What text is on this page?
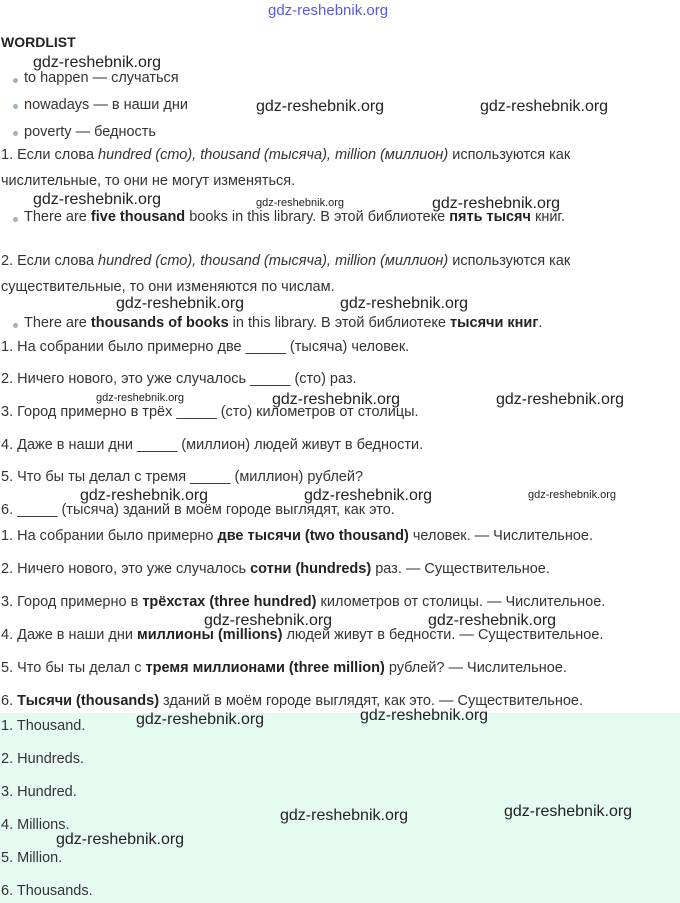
gdz-reshebnik.org
WORDLIST
to happen — случаться
nowadays — в наши дни
poverty — бедность
1. Если слова hundred (сто), thousand (тысяча), million (миллион) используются как
числительные, то они не могут изменяться.
There are five thousand books in this library. В этой библиотеке пять тысяч книг.
2. Если слова hundred (сто), thousand (тысяча), million (миллион) используются как
существительные, то они изменяются по числам.
There are thousands of books in this library. В этой библиотеке тысячи книг.
1. На собрании было примерно две _____ (тысяча) человек.
2. Ничего нового, это уже случалось _____ (сто) раз.
3. Город примерно в трёх _____ (сто) километров от столицы.
4. Даже в наши дни _____ (миллион) людей живут в бедности.
5. Что бы ты делал с тремя _____ (миллион) рублей?
6. _____ (тысяча) зданий в моём городе выглядят, как это.
1. На собрании было примерно две тысячи (two thousand) человек. — Числительное.
2. Ничего нового, это уже случалось сотни (hundreds) раз. — Существительное.
3. Город примерно в трёхстах (three hundred) километров от столицы. — Числительное.
4. Даже в наши дни миллионы (millions) людей живут в бедности. — Существительное.
5. Что бы ты делал с тремя миллионами (three million) рублей? — Числительное.
6. Тысячи (thousands) зданий в моём городе выглядят, как это. — Существительное.
1. Thousand.
2. Hundreds.
3. Hundred.
4. Millions.
5. Million.
6. Thousands.
gdz-reshebnik.org
gdz-reshebnik.org	gdz-reshebnik.org
gdz-reshebnik.org	gdz-reshebnik.org	gdz-reshebnik.org
gdz-reshebnik.org	gdz-reshebnik.org
gdz-reshebnik.org	gdz-reshebnik.org	gdz-reshebnik.org
gdz-reshebnik.org	gdz-reshebnik.org	gdz-reshebnik.org
gdz-reshebnik.org	gdz-reshebnik.org
gdz-reshebnik.org	gdz-reshebnik.org
gdz-reshebnik.org	gdz-reshebnik.org
gdz-reshebnik.org
